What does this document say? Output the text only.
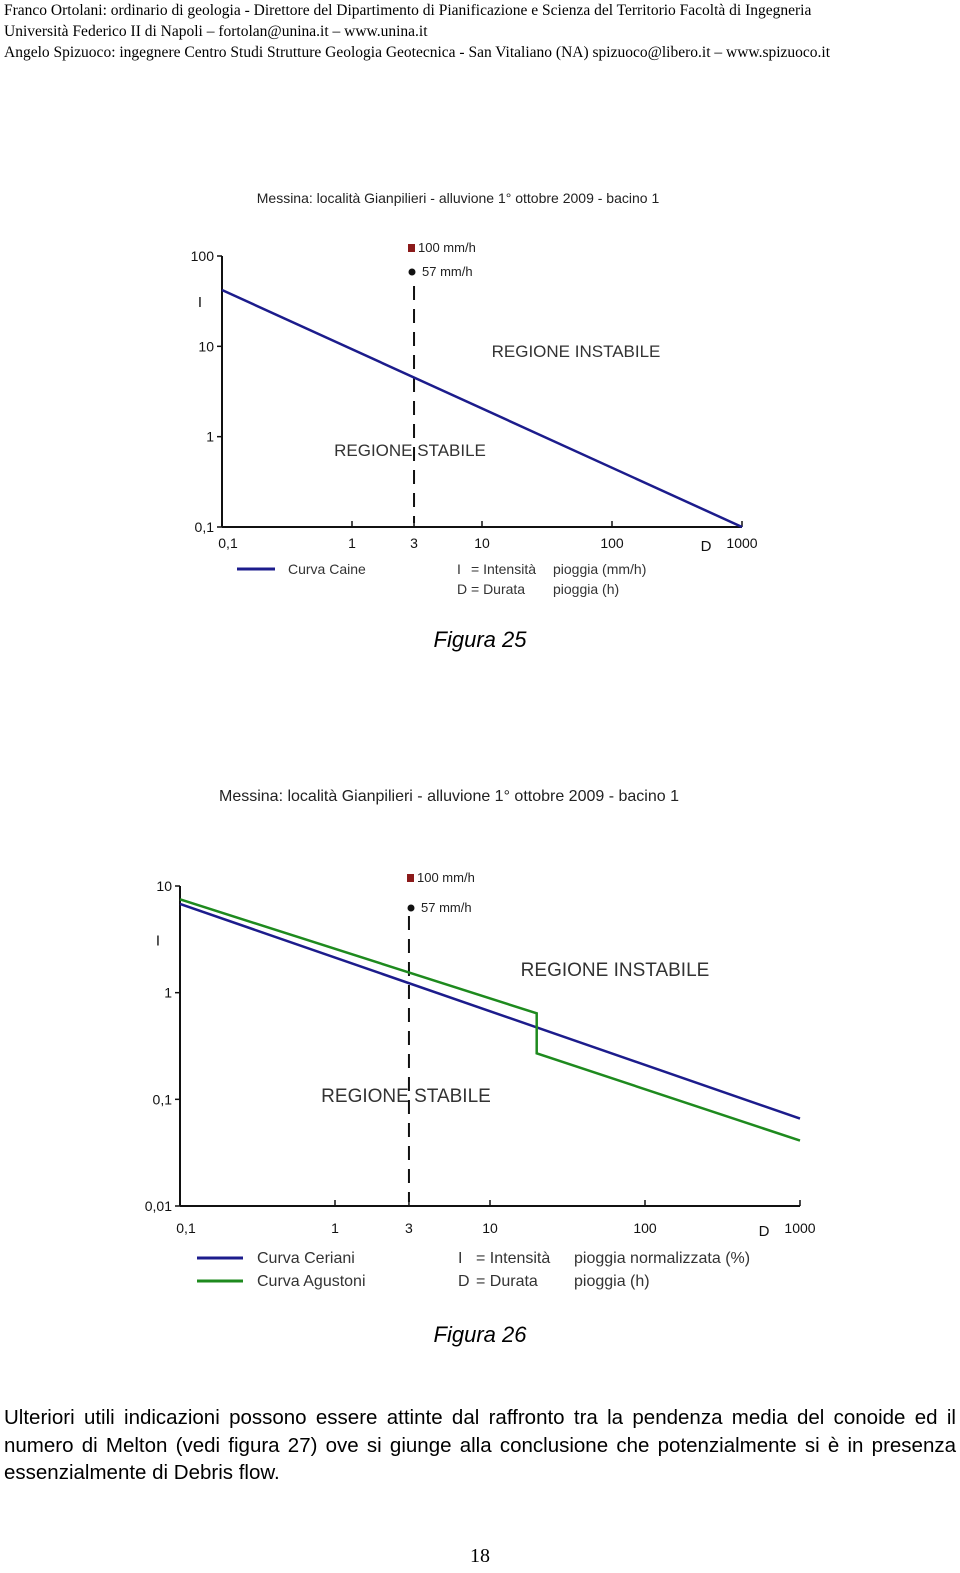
Franco Ortolani: ordinario di geologia - Direttore del Dipartimento di Pianificazione e Scienza del Territorio Facoltà di Ingegneria
Università Federico II di Napoli – fortolan@unina.it – www.unina.it
Angelo Spizuoco: ingegnere Centro Studi Strutture Geologia Geotecnica - San Vitaliano (NA) spizuoco@libero.it – www.spizuoco.it
Messina: località Gianpilieri - alluvione 1° ottobre 2009 - bacino 1
0,1
1
10
100
I
0,1	1	3	10	100	1000
D
100 mm/h
57 mm/h
REGIONE INSTABILE
REGIONE STABILE
Curva Caine	I = Intensità pioggia (mm/h)
D = Durata pioggia (h)
Figura 25
Messina: località Gianpilieri - alluvione 1° ottobre 2009 - bacino 1
0,01
0,1
1
10
I
0,1	1	3	10	100	1000
D
100 mm/h
57 mm/h
REGIONE INSTABILE
REGIONE STABILE
Curva Ceriani
Curva Agustoni
I = Intensità pioggia normalizzata (%)
D = Durata pioggia (h)
Figura 26
Ulteriori utili indicazioni possono essere attinte dal raffronto tra la pendenza media del conoide ed il numero di Melton (vedi figura 27) ove si giunge alla conclusione che potenzialmente si è in presenza essenzialmente di Debris flow.
18
